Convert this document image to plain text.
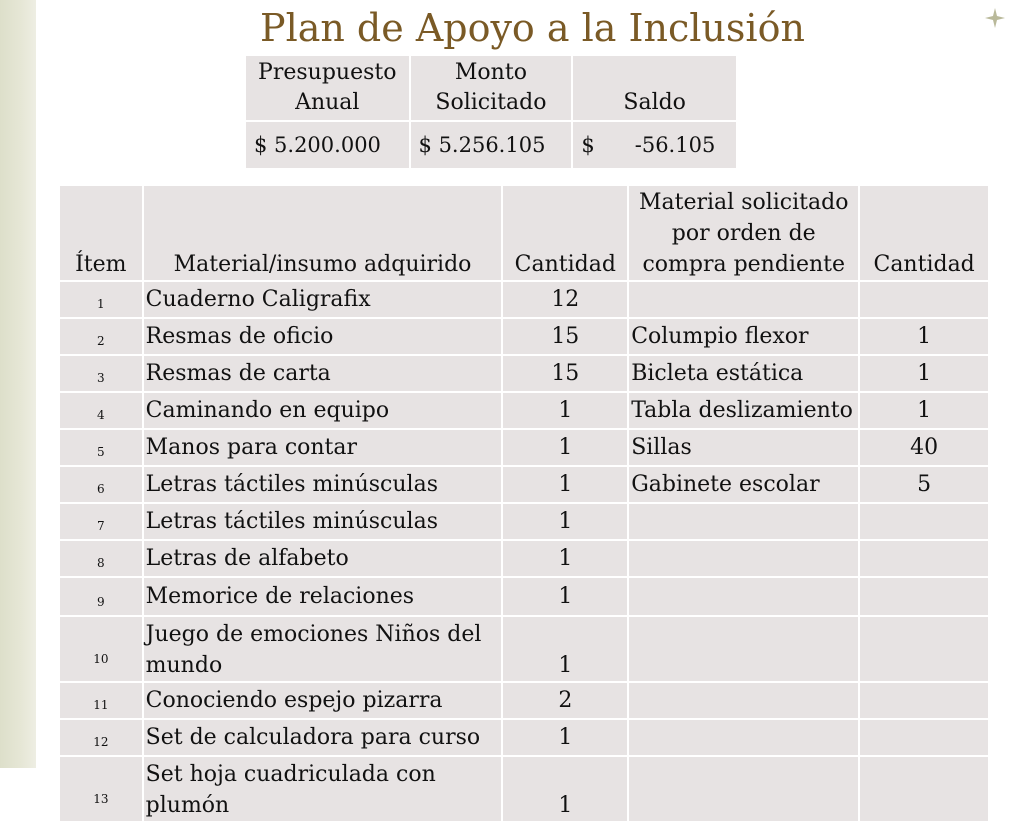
Plan de Apoyo a la Inclusión
Presupuesto Anual	Monto Solicitado	Saldo
$ 5.200.000	$ 5.256.105	$      -56.105
Ítem	Material/insumo adquirido	Cantidad	Material solicitado por orden de compra pendiente	Cantidad
1	Cuaderno Caligrafix	12		
2	Resmas de oficio	15	Columpio flexor	1
3	Resmas de carta	15	Bicleta estática	1
4	Caminando en equipo	1	Tabla deslizamiento	1
5	Manos para contar	1	Sillas	40
6	Letras táctiles minúsculas	1	Gabinete escolar	5
7	Letras táctiles minúsculas	1		
8	Letras de alfabeto	1		
9	Memorice de relaciones	1		
10	Juego de emociones Niños del mundo	1		
11	Conociendo espejo pizarra	2		
12	Set de calculadora para curso	1		
13	Set hoja cuadriculada con plumón	1		
